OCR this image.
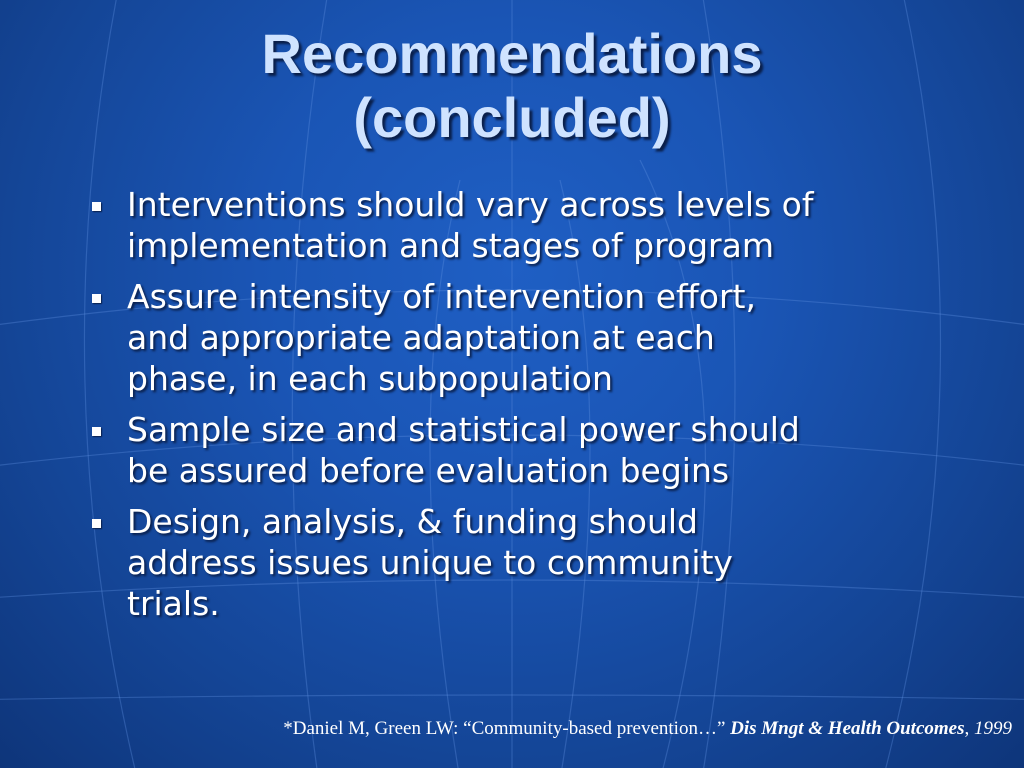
Recommendations
(concluded)
Interventions should vary across levels of
implementation and stages of program
Assure intensity of intervention effort,
and appropriate adaptation at each
phase, in each subpopulation
Sample size and statistical power should
be assured before evaluation begins
Design, analysis, & funding should
address issues unique to community
trials.
*Daniel M, Green LW: “Community-based prevention…” Dis Mngt & Health Outcomes, 1999
